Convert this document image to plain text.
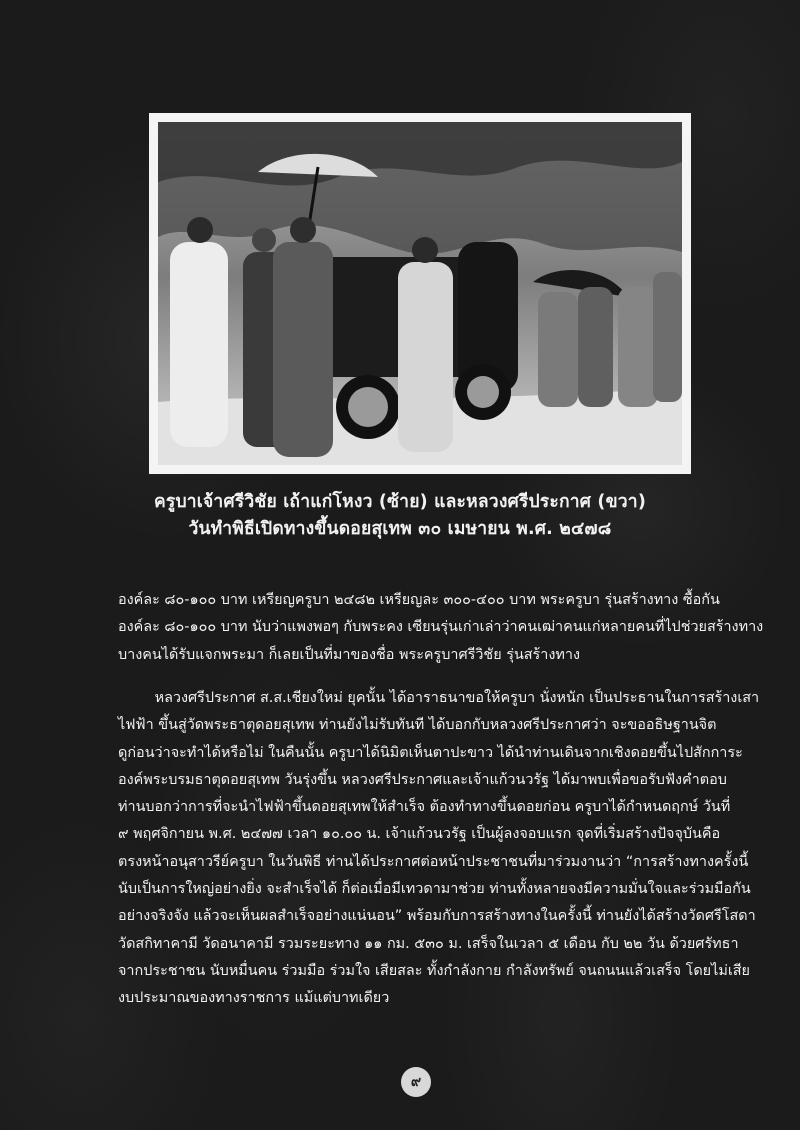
ครูบาเจ้าศรีวิชัย เถ้าแก่โหงว (ซ้าย) และหลวงศรีประกาศ (ขวา)
วันทำพิธีเปิดทางขึ้นดอยสุเทพ ๓๐ เมษายน พ.ศ. ๒๔๗๘
องค์ละ ๘๐-๑๐๐ บาท เหรียญครูบา ๒๔๘๒ เหรียญละ ๓๐๐-๔๐๐ บาท พระครูบา รุ่นสร้างทาง ซื้อกัน
องค์ละ ๘๐-๑๐๐ บาท นับว่าแพงพอๆ กับพระคง เซียนรุ่นเก่าเล่าว่าคนเฒ่าคนแก่หลายคนที่ไปช่วยสร้างทาง
บางคนได้รับแจกพระมา ก็เลยเป็นที่มาของชื่อ พระครูบาศรีวิชัย รุ่นสร้างทาง
หลวงศรีประกาศ ส.ส.เชียงใหม่ ยุคนั้น ได้อาราธนาขอให้ครูบา นั่งหนัก เป็นประธานในการสร้างเสา
ไฟฟ้า ขึ้นสู่วัดพระธาตุดอยสุเทพ ท่านยังไม่รับทันที ได้บอกกับหลวงศรีประกาศว่า จะขออธิษฐานจิต
ดูก่อนว่าจะทำได้หรือไม่ ในคืนนั้น ครูบาได้นิมิตเห็นตาปะขาว ได้นำท่านเดินจากเชิงดอยขึ้นไปสักการะ
องค์พระบรมธาตุดอยสุเทพ วันรุ่งขึ้น หลวงศรีประกาศและเจ้าแก้วนวรัฐ ได้มาพบเพื่อขอรับฟังคำตอบ
ท่านบอกว่าการที่จะนำไฟฟ้าขึ้นดอยสุเทพให้สำเร็จ ต้องทำทางขึ้นดอยก่อน ครูบาได้กำหนดฤกษ์ วันที่
๙ พฤศจิกายน พ.ศ. ๒๔๗๗ เวลา ๑๐.๐๐ น. เจ้าแก้วนวรัฐ เป็นผู้ลงจอบแรก จุดที่เริ่มสร้างปัจจุบันคือ
ตรงหน้าอนุสาวรีย์ครูบา ในวันพิธี ท่านได้ประกาศต่อหน้าประชาชนที่มาร่วมงานว่า “การสร้างทางครั้งนี้
นับเป็นการใหญ่อย่างยิ่ง จะสำเร็จได้ ก็ต่อเมื่อมีเทวดามาช่วย ท่านทั้งหลายจงมีความมั่นใจและร่วมมือกัน
อย่างจริงจัง แล้วจะเห็นผลสำเร็จอย่างแน่นอน” พร้อมกับการสร้างทางในครั้งนี้ ท่านยังได้สร้างวัดศรีโสดา
วัดสกิทาคามี วัดอนาคามี รวมระยะทาง ๑๑ กม. ๕๓๐ ม. เสร็จในเวลา ๕ เดือน กับ ๒๒ วัน ด้วยศรัทธา
จากประชาชน นับหมื่นคน ร่วมมือ ร่วมใจ เสียสละ ทั้งกำลังกาย กำลังทรัพย์ จนถนนแล้วเสร็จ โดยไม่เสีย
งบประมาณของทางราชการ แม้แต่บาทเดียว
๙
